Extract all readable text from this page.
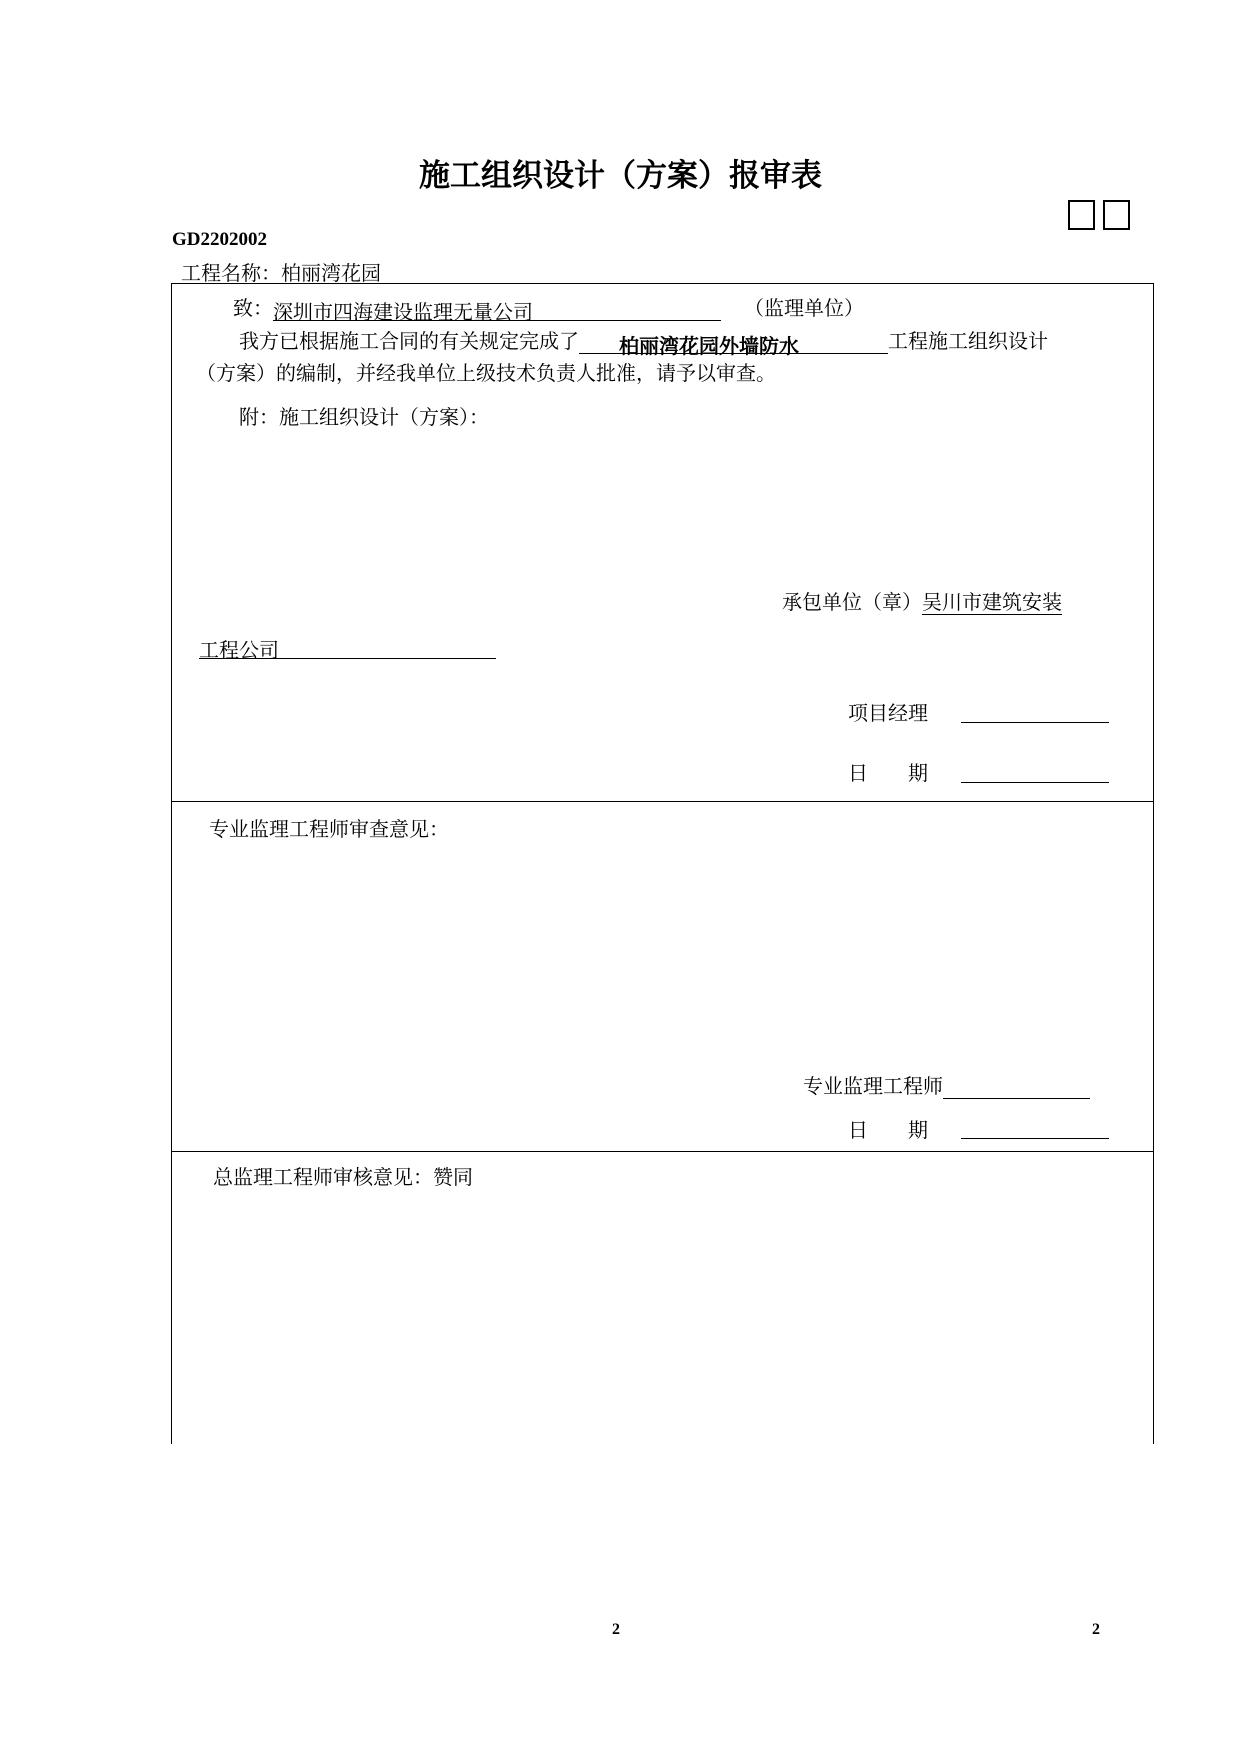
施工组织设计（方案）报审表
GD2202002
工程名称：柏丽湾花园
致：深圳市四海建设监理无量公司	（监理单位）
我方已根据施工合同的有关规定完成了 柏丽湾花园外墙防水	工程施工组织设计
（方案）的编制，并经我单位上级技术负责人批准，请予以审查。
附：施工组织设计（方案）：
承包单位（章）吴川市建筑安装
工程公司
项目经理
日　　期
专业监理工程师审查意见：
专业监理工程师
日　　期
总监理工程师审核意见：赞同
2	2
